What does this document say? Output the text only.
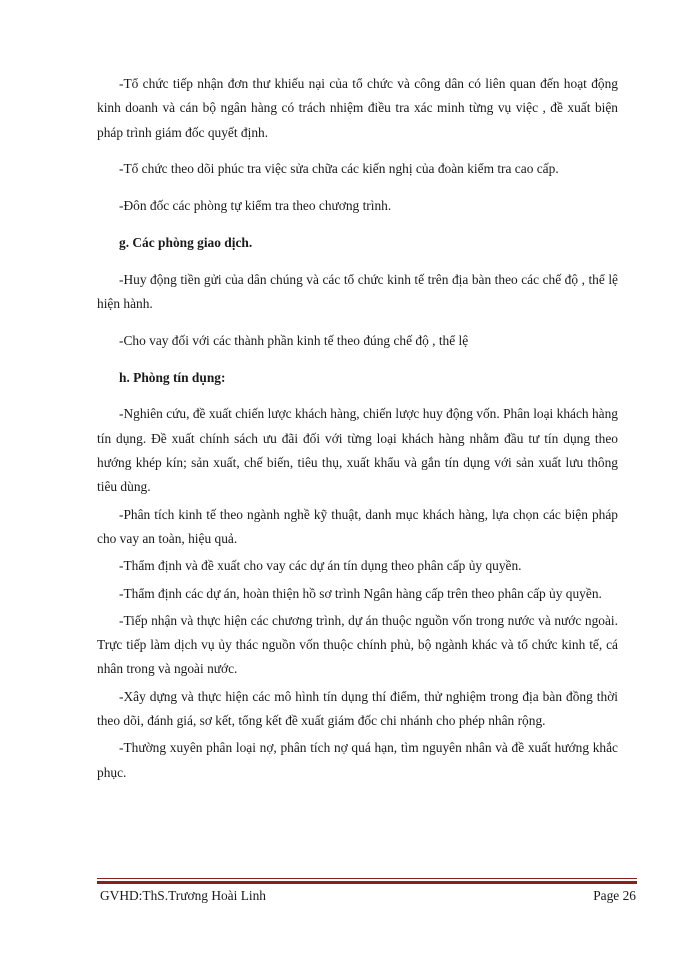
-Tổ chức tiếp nhận đơn thư khiếu nại của tổ chức và công dân có liên quan đến hoạt động kinh doanh và cán bộ ngân hàng có trách nhiệm điều tra xác minh từng vụ việc , đề xuất biện pháp trình giám đốc quyết định.

-Tổ chức theo dõi phúc tra việc sửa chữa các kiến nghị của đoàn kiểm tra cao cấp.

-Đôn đốc các phòng tự kiểm tra theo chương trình.

g. Các phòng giao dịch.

-Huy động tiền gửi của dân chúng và các tổ chức kinh tế trên địa bàn theo các chế độ , thể lệ hiện hành.

-Cho vay đối với các thành phần kinh tế theo đúng chế độ , thể lệ

h. Phòng tín dụng:

-Nghiên cứu, đề xuất chiến lược khách hàng, chiến lược huy động vốn. Phân loại khách hàng tín dụng. Đề xuất chính sách ưu đãi đối với từng loại khách hàng nhằm đầu tư tín dụng theo hướng khép kín; sản xuất, chế biến, tiêu thụ, xuất khẩu và gắn tín dụng với sản xuất lưu thông tiêu dùng.

-Phân tích kinh tế theo ngành nghề kỹ thuật, danh mục khách hàng, lựa chọn các biện pháp cho vay an toàn, hiệu quả.

-Thẩm định và đề xuất cho vay các dự án tín dụng theo phân cấp ủy quyền.

-Thẩm định các dự án, hoàn thiện hồ sơ trình Ngân hàng cấp trên theo phân cấp ủy quyền.

-Tiếp nhận và thực hiện các chương trình, dự án thuộc nguồn vốn trong nước và nước ngoài. Trực tiếp làm dịch vụ ủy thác nguồn vốn thuộc chính phủ, bộ ngành khác và tổ chức kinh tế, cá nhân trong và ngoài nước.

-Xây dựng và thực hiện các mô hình tín dụng thí điểm, thử nghiệm trong địa bàn đồng thời theo dõi, đánh giá, sơ kết, tổng kết đề xuất giám đốc chi nhánh cho phép nhân rộng.

-Thường xuyên phân loại nợ, phân tích nợ quá hạn, tìm nguyên nhân và đề xuất hướng khắc phục.

GVHD:ThS.Trương Hoài Linh	Page 26
